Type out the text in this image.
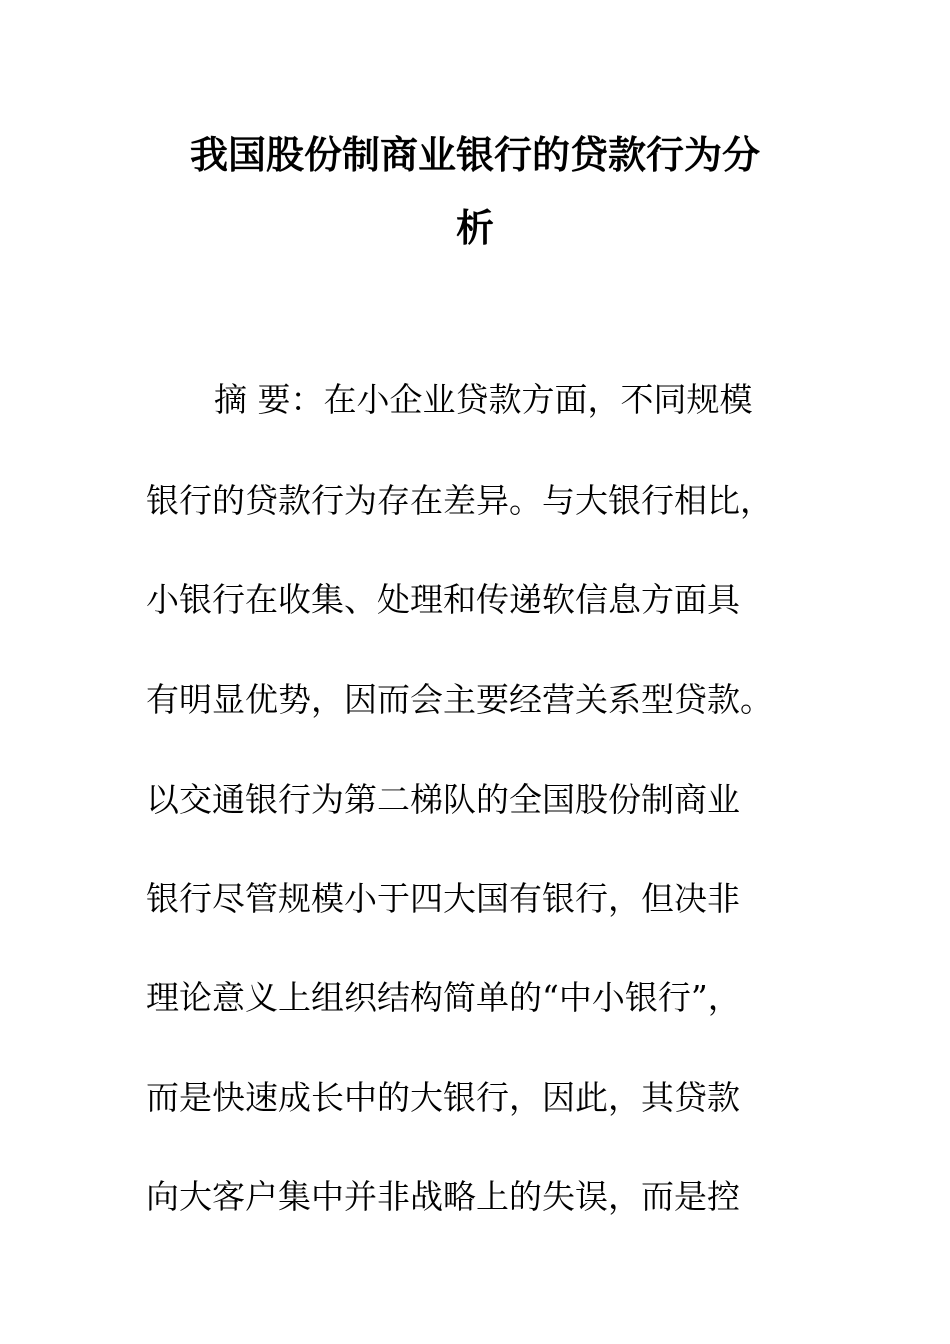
我国股份制商业银行的贷款行为分
析
摘 要：在小企业贷款方面，不同规模
银行的贷款行为存在差异。与大银行相比，
小银行在收集、处理和传递软信息方面具
有明显优势，因而会主要经营关系型贷款。
以交通银行为第二梯队的全国股份制商业
银行尽管规模小于四大国有银行，但决非
理论意义上组织结构简单的“中小银行”，
而是快速成长中的大银行，因此，其贷款
向大客户集中并非战略上的失误，而是控
